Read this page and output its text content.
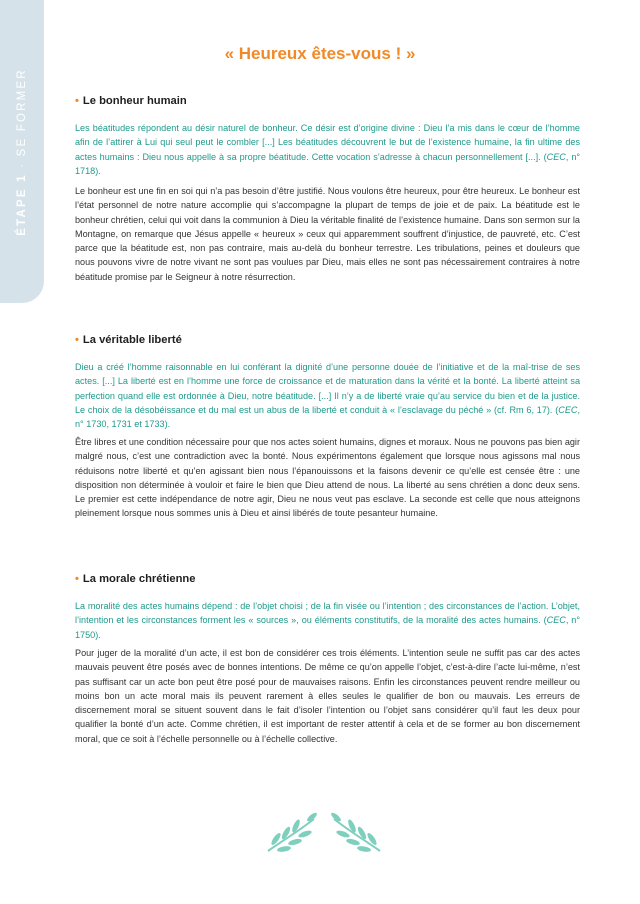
ÉTAPE 1 · SE FORMER
« Heureux êtes-vous ! »
• Le bonheur humain

Les béatitudes répondent au désir naturel de bonheur. Ce désir est d’origine divine : Dieu l’a mis dans le cœur de l’homme afin de l’attirer à Lui qui seul peut le combler [...] Les béatitudes découvrent le but de l’existence humaine, la fin ultime des actes humains : Dieu nous appelle à sa propre béatitude. Cette vocation s’adresse à chacun personnellement [...]. (CEC, n° 1718).

Le bonheur est une fin en soi qui n’a pas besoin d’être justifié. Nous voulons être heureux, pour être heureux. Le bonheur est l’état personnel de notre nature accomplie qui s’accompagne la plupart de temps de joie et de paix. La béatitude est le bonheur chrétien, celui qui voit dans la communion à Dieu la véritable finalité de l’existence humaine. Dans son sermon sur la Montagne, on remarque que Jésus appelle « heureux » ceux qui apparemment souffrent d’injustice, de pauvreté, etc. C’est parce que la béatitude est, non pas contraire, mais au-delà du bonheur terrestre. Les tribulations, peines et douleurs que nous pouvons vivre de notre vivant ne sont pas voulues par Dieu, mais elles ne sont pas nécessairement contraires à notre béatitude promise par le Seigneur à notre résurrection.

• La véritable liberté

Dieu a créé l’homme raisonnable en lui conférant la dignité d’une personne douée de l’initiative et de la maî-trise de ses actes. [...] La liberté est en l’homme une force de croissance et de maturation dans la vérité et la bonté. La liberté atteint sa perfection quand elle est ordonnée à Dieu, notre béatitude. [...] Il n’y a de liberté vraie qu’au service du bien et de la justice. Le choix de la désobéissance et du mal est un abus de la liberté et conduit à « l’esclavage du péché » (cf. Rm 6, 17). (CEC, n° 1730, 1731 et 1733).

Être libres et une condition nécessaire pour que nos actes soient humains, dignes et moraux. Nous ne pouvons pas bien agir malgré nous, c’est une contradiction avec la bonté. Nous expérimentons également que lorsque nous agissons mal nous réduisons notre liberté et qu’en agissant bien nous l’épanouissons et la faisons devenir ce qu’elle est censée être : une disposition non déterminée à vouloir et faire le bien que Dieu attend de nous. La liberté au sens chrétien a donc deux sens. Le premier est cette indépendance de notre agir, Dieu ne nous veut pas esclave. La seconde est celle que nous atteignons pleinement lorsque nous sommes unis à Dieu et ainsi libérés de toute pesanteur humaine.

• La morale chrétienne

La moralité des actes humains dépend : de l’objet choisi ; de la fin visée ou l’intention ; des circonstances de l’action. L’objet, l’intention et les circonstances forment les « sources », ou éléments constitutifs, de la moralité des actes humains. (CEC, n° 1750).

Pour juger de la moralité d’un acte, il est bon de considérer ces trois éléments. L’intention seule ne suffit pas car des actes mauvais peuvent être posés avec de bonnes intentions. De même ce qu’on appelle l’objet, c’est-à-dire l’acte lui-même, n’est pas suffisant car un acte bon peut être posé pour de mauvaises raisons. Enfin les circonstances peuvent rendre meilleur ou moins bon un acte moral mais ils peuvent rarement à elles seules le qualifier de bon ou mauvais. Les erreurs de discernement moral se situent souvent dans le fait d’isoler l’intention ou l’objet sans considérer qu’il faut les deux pour qualifier la bonté d’un acte. Comme chrétien, il est important de rester attentif à cela et de se former au bon discernement moral, que ce soit à l’échelle personnelle ou à l’échelle collective.
